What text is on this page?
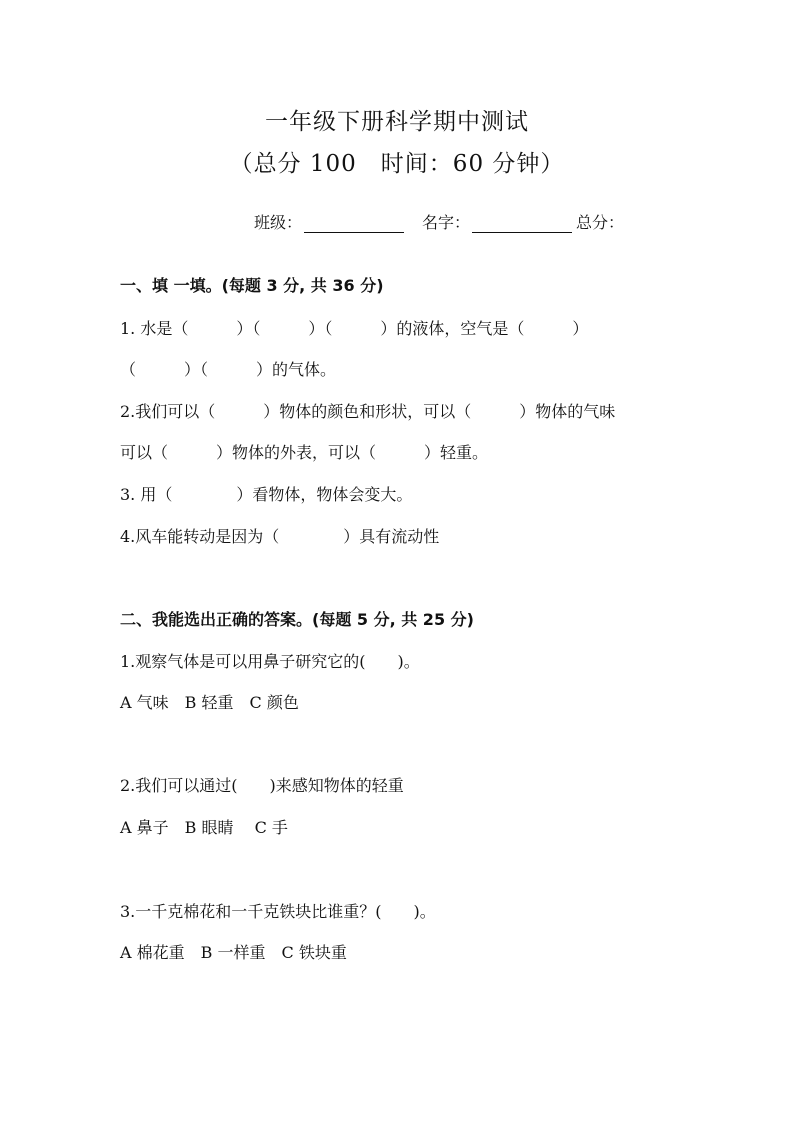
一年级下册科学期中测试
（总分 100　时间：60 分钟）
班级：	名字：	总分：
一、填 一填。(每题 3 分, 共 36 分)
1. 水是（　　　）（　　　）（　　　）的液体，空气是（　　　）
（　　　）（　　　）的气体。
2.我们可以（　　　）物体的颜色和形状，可以（　　　）物体的气味
可以（　　　）物体的外表，可以（　　　）轻重。
3. 用（　　　　）看物体，物体会变大。
4.风车能转动是因为（　　　　）具有流动性
二、我能选出正确的答案。(每题 5 分, 共 25 分)
1.观察气体是可以用鼻子研究它的(　　)。
A 气味　B 轻重　C 颜色
2.我们可以通过(　　)来感知物体的轻重
A 鼻子　B 眼睛　 C 手
3.一千克棉花和一千克铁块比谁重？(　　)。
A 棉花重　B 一样重　C 铁块重
